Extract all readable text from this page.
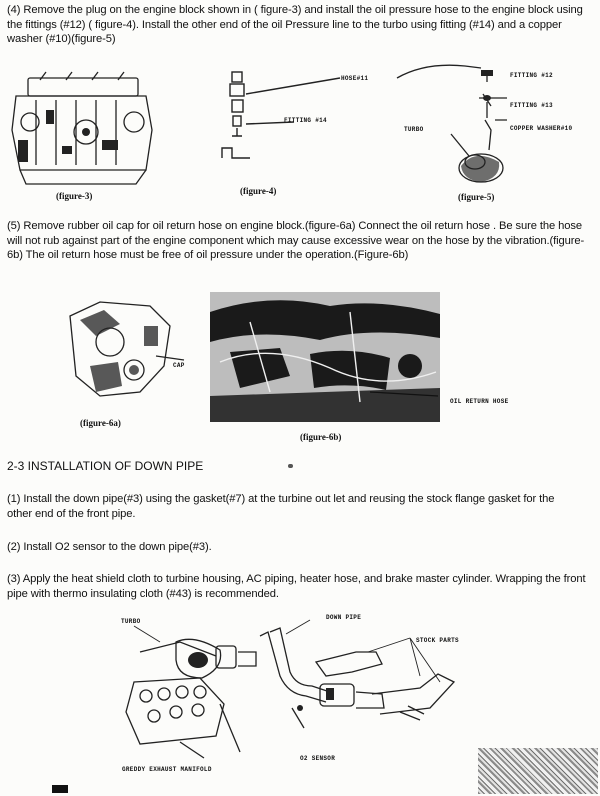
(4) Remove the plug on the engine block shown in ( figure-3) and install the oil pressure hose to the engine block using the fittings (#12) ( figure-4). Install the other end of the oil Pressure line to the turbo using fitting (#14) and a copper washer (#10)(figure-5)
(figure-3)
HOSE#11
FITTING #14
(figure-4)
FITTING #12
FITTING #13
TURBO	COPPER WASHER#10
(figure-5)
(5) Remove rubber oil cap for oil return hose on engine block.(figure-6a) Connect the oil return hose . Be sure the hose will not rub against part of the engine component which may cause excessive wear on the hose by the vibration.(figure-6b) The oil return hose must be free of oil pressure under the operation.(Figure-6b)
CAP
(figure-6a)
OIL RETURN HOSE
(figure-6b)
2-3 INSTALLATION OF DOWN PIPE
(1) Install the down pipe(#3) using the gasket(#7) at the turbine out let and reusing the stock flange gasket for the other end of the front pipe.
(2) Install O2 sensor to the down pipe(#3).
(3) Apply the heat shield cloth to turbine housing, AC piping, heater hose, and brake master cylinder. Wrapping the front pipe with thermo insulating cloth (#43) is recommended.
TURBO
DOWN PIPE
STOCK PARTS
O2 SENSOR
GREDDY EXHAUST MANIFOLD
